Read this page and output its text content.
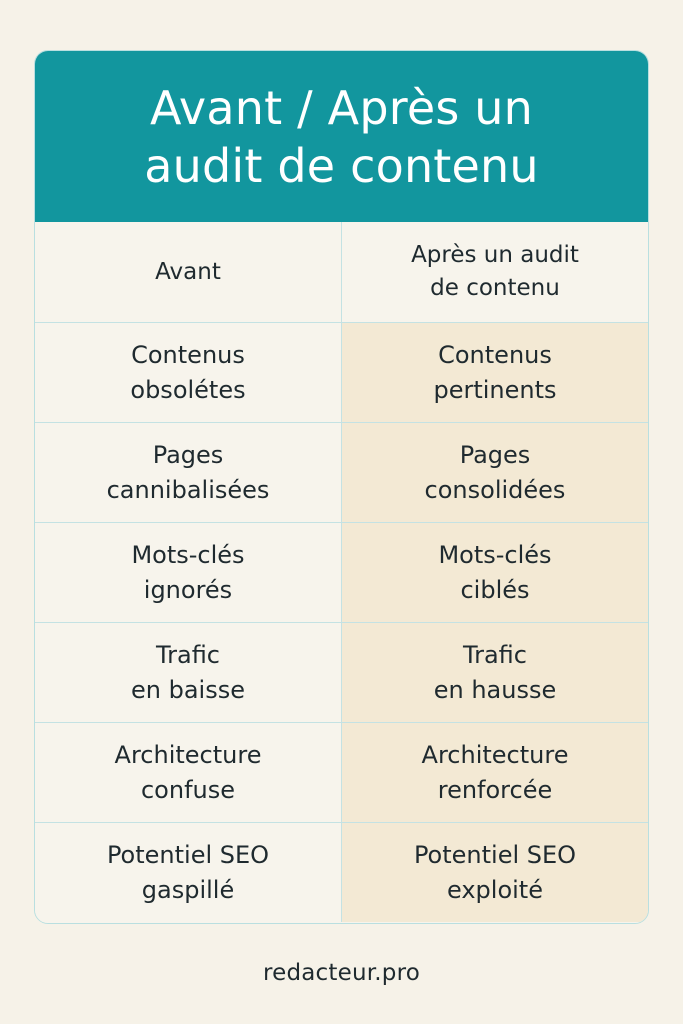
Avant / Après un
audit de contenu
Avant
Après un audit
de contenu
Contenus
obsolétes
Contenus
pertinents
Pages
cannibalisées
Pages
consolidées
Mots-clés
ignorés
Mots-clés
ciblés
Trafic
en baisse
Trafic
en hausse
Architecture
confuse
Architecture
renforcée
Potentiel SEO
gaspillé
Potentiel SEO
exploité
redacteur.pro
